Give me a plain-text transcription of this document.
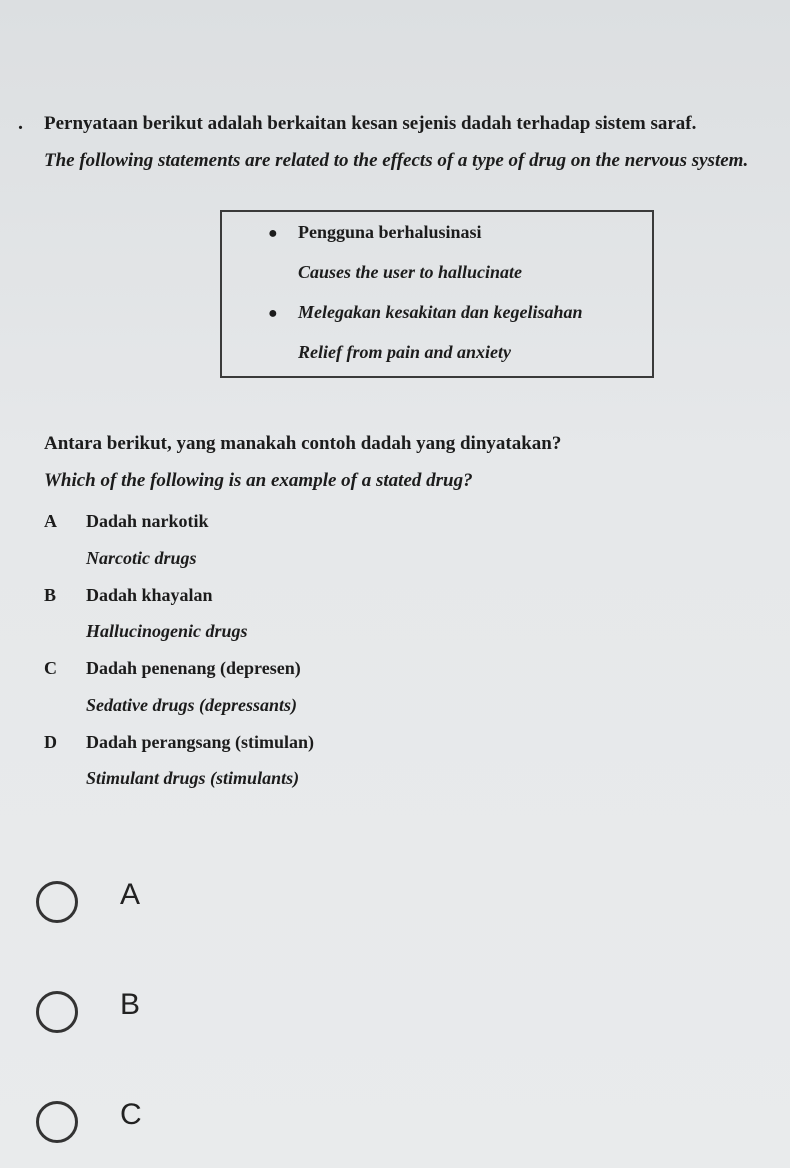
. Pernyataan berikut adalah berkaitan kesan sejenis dadah terhadap sistem saraf.
The following statements are related to the effects of a type of drug on the nervous system.
● Pengguna berhalusinasi
Causes the user to hallucinate
● Melegakan kesakitan dan kegelisahan
Relief from pain and anxiety
Antara berikut, yang manakah contoh dadah yang dinyatakan?
Which of the following is an example of a stated drug?
A Dadah narkotik
Narcotic drugs
B Dadah khayalan
Hallucinogenic drugs
C Dadah penenang (depresen)
Sedative drugs (depressants)
D Dadah perangsang (stimulan)
Stimulant drugs (stimulants)
A
B
C
